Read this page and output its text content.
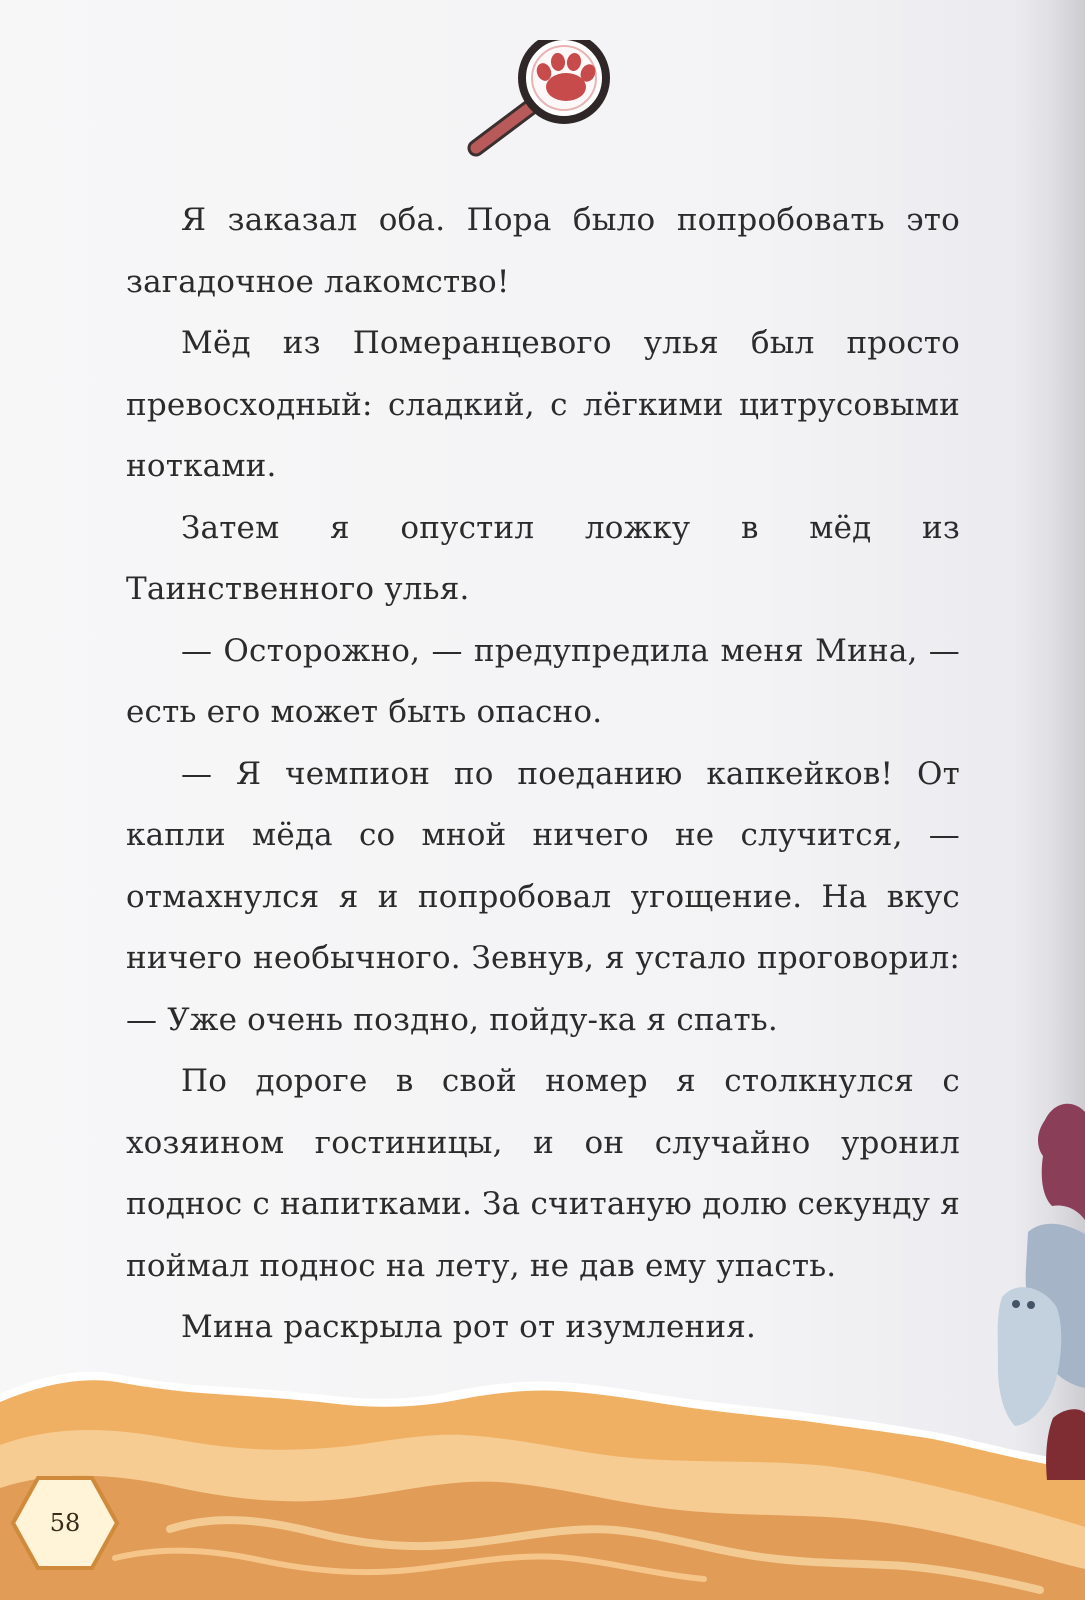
Я заказал оба. Пора было попробовать это загадочное лакомство!

Мёд из Померанцевого улья был просто превосходный: сладкий, с лёгкими цитрусовыми нотками.

Затем я опустил ложку в мёд из Таинственного улья.

— Осторожно, — предупредила меня Мина, — есть его может быть опасно.

— Я чемпион по поеданию капкейков! От капли мёда со мной ничего не случится, — отмахнулся я и попробовал угощение. На вкус ничего необычного. Зевнув, я устало проговорил: — Уже очень поздно, пойду-ка я спать.

По дороге в свой номер я столкнулся с хозяином гостиницы, и он случайно уронил поднос с напитками. За считаную долю секунду я поймал поднос на лету, не дав ему упасть.

Мина раскрыла рот от изумления.

58
